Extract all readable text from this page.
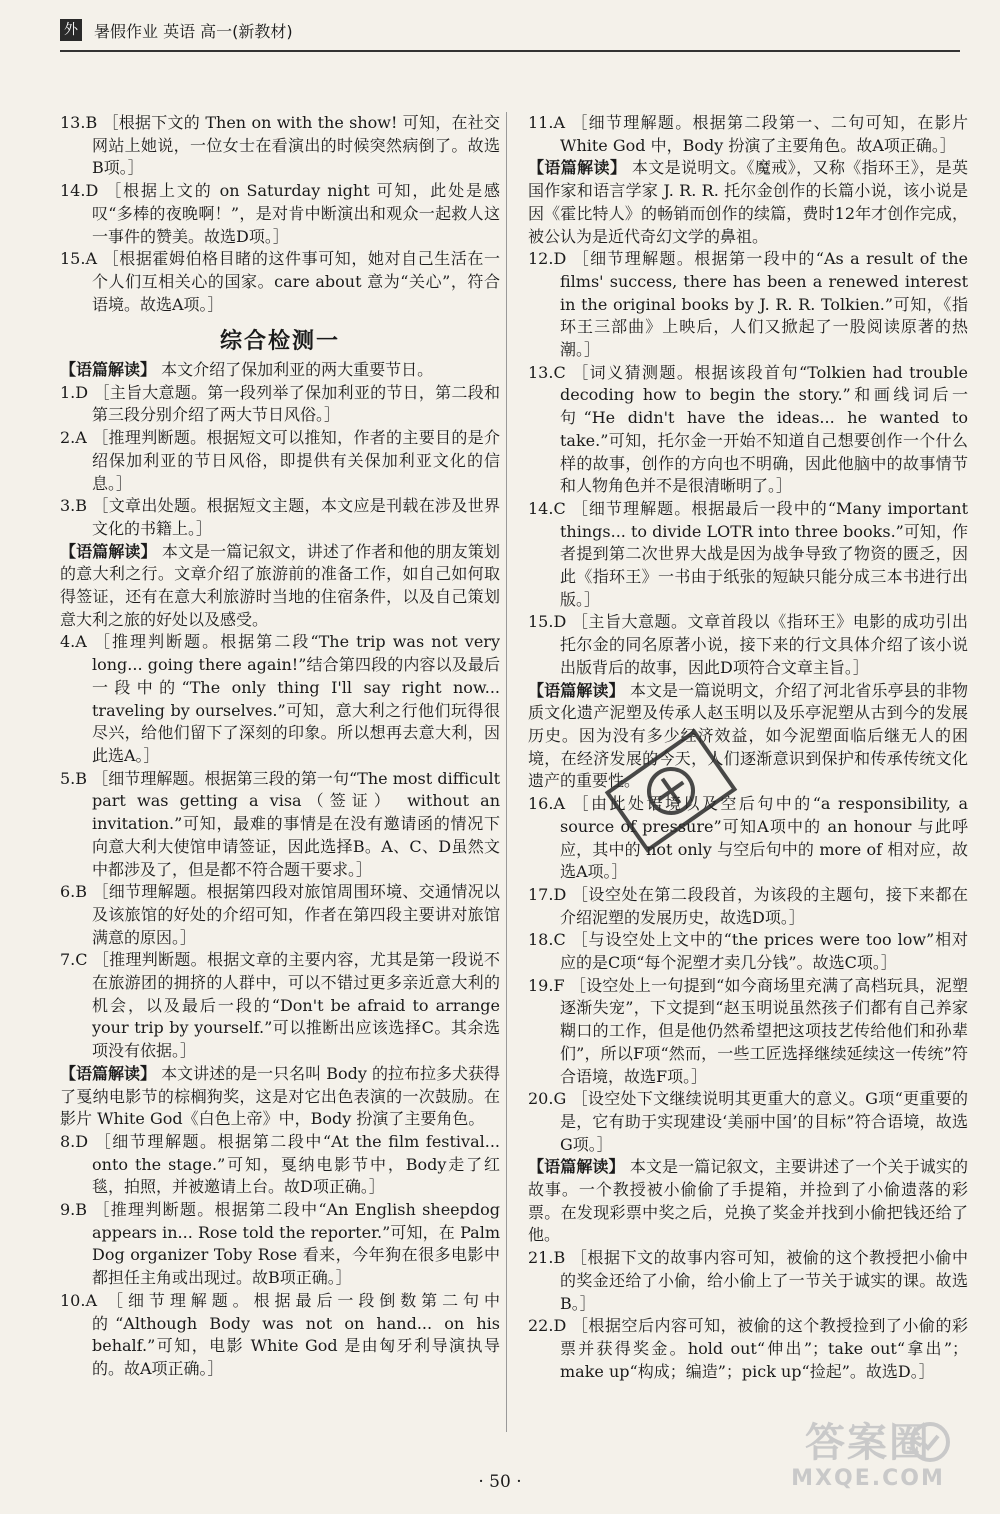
外 暑假作业 英语 高一(新教材)

13.B ［根据下文的 Then on with the show! 可知，在社交网站上她说，一位女士在看演出的时候突然病倒了。故选B项。］

14.D ［根据上文的 on Saturday night 可知，此处是感叹“多棒的夜晚啊！”，是对肯中断演出和观众一起救人这一事件的赞美。故选D项。］

15.A ［根据霍姆伯格目睹的这件事可知，她对自己生活在一个人们互相关心的国家。care about 意为“关心”，符合语境。故选A项。］

综合检测一

【语篇解读】 本文介绍了保加利亚的两大重要节日。

1.D ［主旨大意题。第一段列举了保加利亚的节日，第二段和第三段分别介绍了两大节日风俗。］

2.A ［推理判断题。根据短文可以推知，作者的主要目的是介绍保加利亚的节日风俗，即提供有关保加利亚文化的信息。］

3.B ［文章出处题。根据短文主题，本文应是刊载在涉及世界文化的书籍上。］

【语篇解读】 本文是一篇记叙文，讲述了作者和他的朋友策划的意大利之行。文章介绍了旅游前的准备工作，如自己如何取得签证，还有在意大利旅游时当地的住宿条件，以及自己策划意大利之旅的好处以及感受。

4.A ［推理判断题。根据第二段“The trip was not very long... going there again!”结合第四段的内容以及最后一段中的“The only thing I'll say right now... traveling by ourselves.”可知，意大利之行他们玩得很尽兴，给他们留下了深刻的印象。所以想再去意大利，因此选A。］

5.B ［细节理解题。根据第三段的第一句“The most difficult part was getting a visa（签证） without an invitation.”可知，最难的事情是在没有邀请函的情况下向意大利大使馆申请签证，因此选择B。A、C、D虽然文中都涉及了，但是都不符合题干要求。］

6.B ［细节理解题。根据第四段对旅馆周围环境、交通情况以及该旅馆的好处的介绍可知，作者在第四段主要讲对旅馆满意的原因。］

7.C ［推理判断题。根据文章的主要内容，尤其是第一段说不在旅游团的拥挤的人群中，可以不错过更多亲近意大利的机会，以及最后一段的“Don't be afraid to arrange your trip by yourself.”可以推断出应该选择C。其余选项没有依据。］

【语篇解读】 本文讲述的是一只名叫 Body 的拉布拉多犬获得了戛纳电影节的棕榈狗奖，这是对它出色表演的一次鼓励。在影片 White God《白色上帝》中，Body 扮演了主要角色。

8.D ［细节理解题。根据第二段中“At the film festival... onto the stage.”可知，戛纳电影节中，Body走了红毯，拍照，并被邀请上台。故D项正确。］

9.B ［推理判断题。根据第二段中“An English sheepdog appears in... Rose told the reporter.”可知，在 Palm Dog organizer Toby Rose 看来，今年狗在很多电影中都担任主角或出现过。故B项正确。］

10.A ［细节理解题。根据最后一段倒数第二句中的“Although Body was not on hand... on his behalf.”可知，电影 White God 是由匈牙利导演执导的。故A项正确。］

11.A ［细节理解题。根据第二段第一、二句可知，在影片 White God 中，Body 扮演了主要角色。故A项正确。］

【语篇解读】 本文是说明文。《魔戒》，又称《指环王》，是英国作家和语言学家 J. R. R. 托尔金创作的长篇小说，该小说是因《霍比特人》的畅销而创作的续篇，费时12年才创作完成，被公认为是近代奇幻文学的鼻祖。

12.D ［细节理解题。根据第一段中的“As a result of the films' success, there has been a renewed interest in the original books by J. R. R. Tolkien.”可知，《指环王三部曲》上映后，人们又掀起了一股阅读原著的热潮。］

13.C ［词义猜测题。根据该段首句“Tolkien had trouble decoding how to begin the story.”和画线词后一句“He didn't have the ideas... he wanted to take.”可知，托尔金一开始不知道自己想要创作一个什么样的故事，创作的方向也不明确，因此他脑中的故事情节和人物角色并不是很清晰明了。］

14.C ［细节理解题。根据最后一段中的“Many important things... to divide LOTR into three books.”可知，作者提到第二次世界大战是因为战争导致了物资的匮乏，因此《指环王》一书由于纸张的短缺只能分成三本书进行出版。］

15.D ［主旨大意题。文章首段以《指环王》电影的成功引出托尔金的同名原著小说，接下来的行文具体介绍了该小说出版背后的故事，因此D项符合文章主旨。］

【语篇解读】 本文是一篇说明文，介绍了河北省乐亭县的非物质文化遗产泥塑及传承人赵玉明以及乐亭泥塑从古到今的发展历史。因为没有多少经济效益，如今泥塑面临后继无人的困境，在经济发展的今天，人们逐渐意识到保护和传承传统文化遗产的重要性。

16.A ［由此处语境以及空后句中的“a responsibility, a source of pressure”可知A项中的 an honour 与此呼应，其中的 not only 与空后句中的 more of 相对应，故选A项。］

17.D ［设空处在第二段段首，为该段的主题句，接下来都在介绍泥塑的发展历史，故选D项。］

18.C ［与设空处上文中的“the prices were too low”相对应的是C项“每个泥塑才卖几分钱”。故选C项。］

19.F ［设空处上一句提到“如今商场里充满了高档玩具，泥塑逐渐失宠”，下文提到“赵玉明说虽然孩子们都有自己养家糊口的工作，但是他仍然希望把这项技艺传给他们和孙辈们”，所以F项“然而，一些工匠选择继续延续这一传统”符合语境，故选F项。］

20.G ［设空处下文继续说明其更重大的意义。G项“更重要的是，它有助于实现建设‘美丽中国’的目标”符合语境，故选G项。］

【语篇解读】 本文是一篇记叙文，主要讲述了一个关于诚实的故事。一个教授被小偷偷了手提箱，并捡到了小偷遗落的彩票。在发现彩票中奖之后，兑换了奖金并找到小偷把钱还给了他。

21.B ［根据下文的故事内容可知，被偷的这个教授把小偷中的奖金还给了小偷，给小偷上了一节关于诚实的课。故选B。］

22.D ［根据空后内容可知，被偷的这个教授捡到了小偷的彩票并获得奖金。hold out“伸出”；take out“拿出”；make up“构成；编造”；pick up“捡起”。故选D。］

· 50 ·
答案圈
MXQE.COM
